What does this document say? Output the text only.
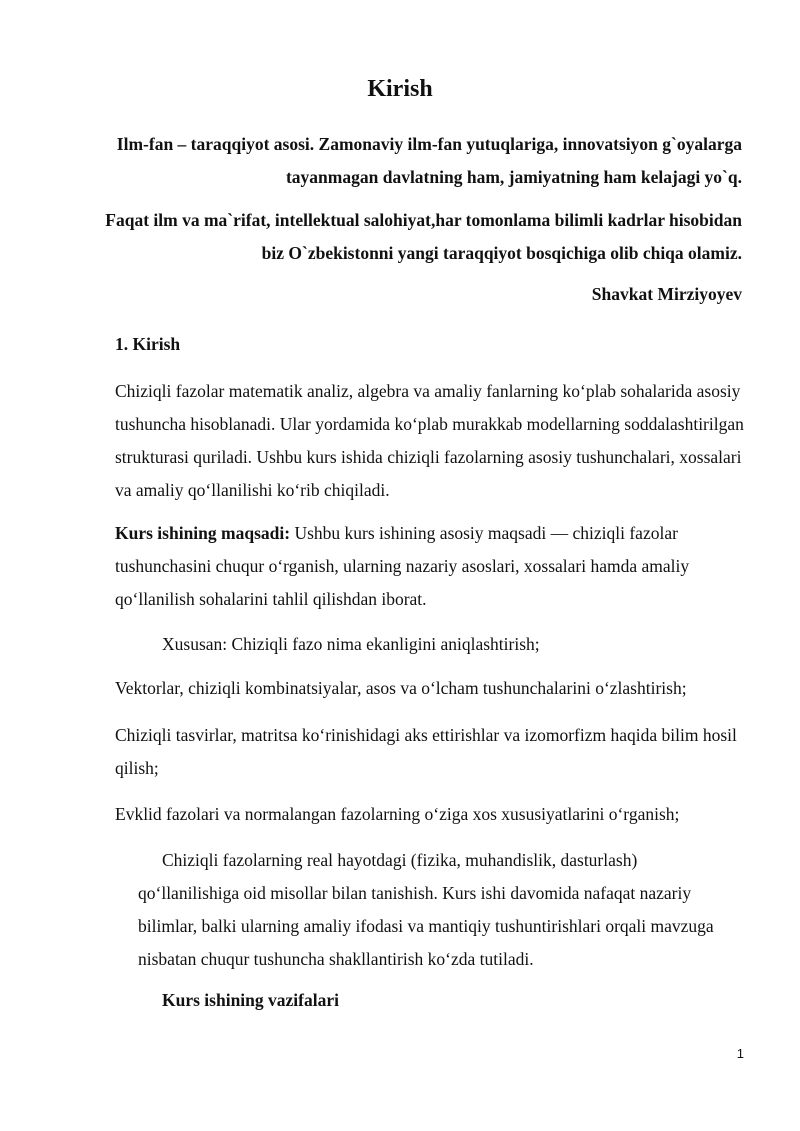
Kirish

Ilm-fan – taraqqiyot asosi. Zamonaviy ilm-fan yutuqlariga, innovatsiyon g`oyalarga tayanmagan davlatning ham, jamiyatning ham kelajagi yo`q.

Faqat ilm va ma`rifat, intellektual salohiyat,har tomonlama bilimli kadrlar hisobidan biz O`zbekistonni yangi taraqqiyot bosqichiga olib chiqa olamiz.

Shavkat Mirziyoyev

1. Kirish

Chiziqli fazolar matematik analiz, algebra va amaliy fanlarning ko‘plab sohalarida asosiy tushuncha hisoblanadi. Ular yordamida ko‘plab murakkab modellarning soddalashtirilgan strukturasi quriladi. Ushbu kurs ishida chiziqli fazolarning asosiy tushunchalari, xossalari va amaliy qo‘llanilishi ko‘rib chiqiladi.

Kurs ishining maqsadi: Ushbu kurs ishining asosiy maqsadi — chiziqli fazolar tushunchasini chuqur o‘rganish, ularning nazariy asoslari, xossalari hamda amaliy qo‘llanilish sohalarini tahlil qilishdan iborat.

Xususan: Chiziqli fazo nima ekanligini aniqlashtirish;

Vektorlar, chiziqli kombinatsiyalar, asos va o‘lcham tushunchalarini o‘zlashtirish;

Chiziqli tasvirlar, matritsa ko‘rinishidagi aks ettirishlar va izomorfizm haqida bilim hosil qilish;

Evklid fazolari va normalangan fazolarning o‘ziga xos xususiyatlarini o‘rganish;

Chiziqli fazolarning real hayotdagi (fizika, muhandislik, dasturlash) qo‘llanilishiga oid misollar bilan tanishish. Kurs ishi davomida nafaqat nazariy bilimlar, balki ularning amaliy ifodasi va mantiqiy tushuntirishlari orqali mavzuga nisbatan chuqur tushuncha shakllantirish ko‘zda tutiladi.

Kurs ishining vazifalari

1
